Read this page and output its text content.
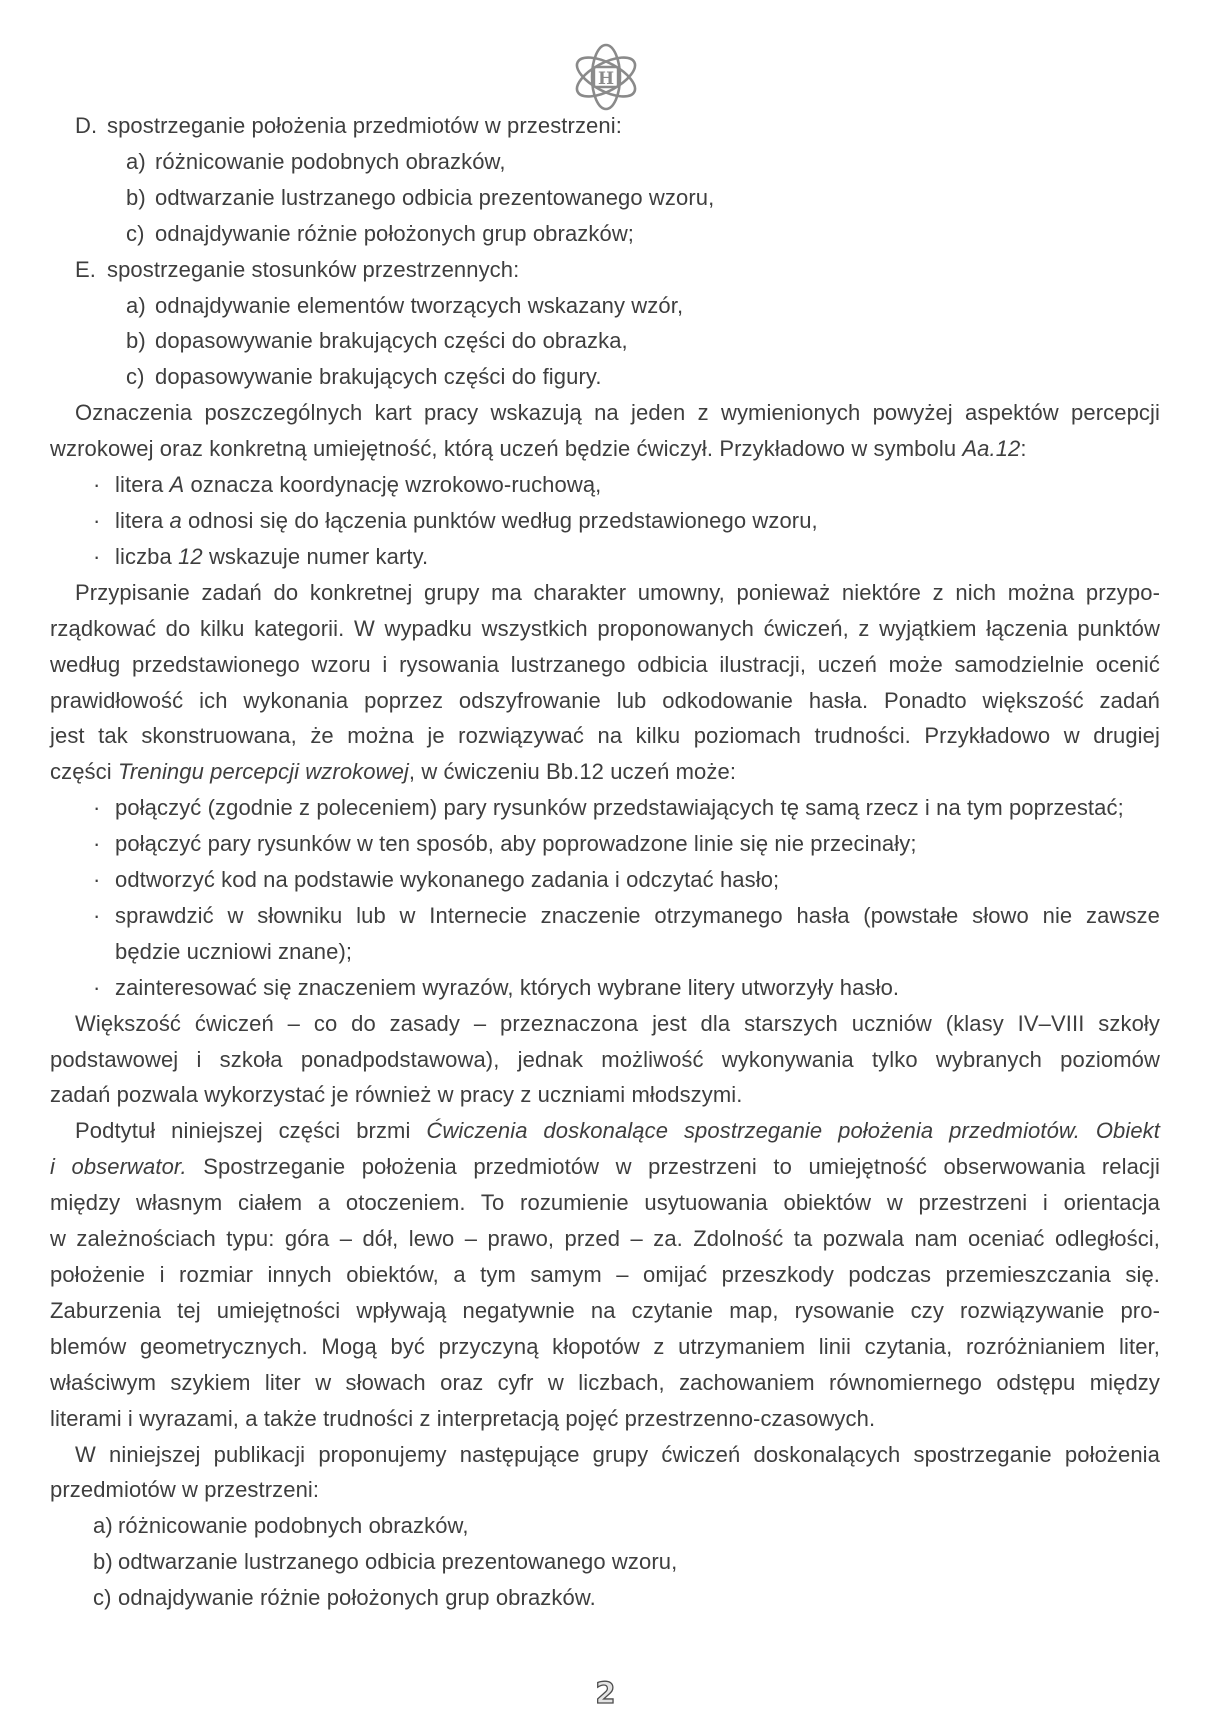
H
D. spostrzeganie położenia przedmiotów w przestrzeni:
a) różnicowanie podobnych obrazków,
b) odtwarzanie lustrzanego odbicia prezentowanego wzoru,
c) odnajdywanie różnie położonych grup obrazków;
E. spostrzeganie stosunków przestrzennych:
a) odnajdywanie elementów tworzących wskazany wzór,
b) dopasowywanie brakujących części do obrazka,
c) dopasowywanie brakujących części do figury.
Oznaczenia poszczególnych kart pracy wskazują na jeden z wymienionych powyżej aspektów percepcji
wzrokowej oraz konkretną umiejętność, którą uczeń będzie ćwiczył. Przykładowo w symbolu Aa.12:
· litera A oznacza koordynację wzrokowo-ruchową,
· litera a odnosi się do łączenia punktów według przedstawionego wzoru,
· liczba 12 wskazuje numer karty.
Przypisanie zadań do konkretnej grupy ma charakter umowny, ponieważ niektóre z nich można przypo-
rządkować do kilku kategorii. W wypadku wszystkich proponowanych ćwiczeń, z wyjątkiem łączenia punktów
według przedstawionego wzoru i rysowania lustrzanego odbicia ilustracji, uczeń może samodzielnie ocenić
prawidłowość ich wykonania poprzez odszyfrowanie lub odkodowanie hasła. Ponadto większość zadań
jest tak skonstruowana, że można je rozwiązywać na kilku poziomach trudności. Przykładowo w drugiej
części Treningu percepcji wzrokowej, w ćwiczeniu Bb.12 uczeń może:
· połączyć (zgodnie z poleceniem) pary rysunków przedstawiających tę samą rzecz i na tym poprzestać;
· połączyć pary rysunków w ten sposób, aby poprowadzone linie się nie przecinały;
· odtworzyć kod na podstawie wykonanego zadania i odczytać hasło;
· sprawdzić w słowniku lub w Internecie znaczenie otrzymanego hasła (powstałe słowo nie zawsze
będzie uczniowi znane);
· zainteresować się znaczeniem wyrazów, których wybrane litery utworzyły hasło.
Większość ćwiczeń – co do zasady – przeznaczona jest dla starszych uczniów (klasy IV–VIII szkoły
podstawowej i szkoła ponadpodstawowa), jednak możliwość wykonywania tylko wybranych poziomów
zadań pozwala wykorzystać je również w pracy z uczniami młodszymi.
Podtytuł niniejszej części brzmi Ćwiczenia doskonalące spostrzeganie położenia przedmiotów. Obiekt
i obserwator. Spostrzeganie położenia przedmiotów w przestrzeni to umiejętność obserwowania relacji
między własnym ciałem a otoczeniem. To rozumienie usytuowania obiektów w przestrzeni i orientacja
w zależnościach typu: góra – dół, lewo – prawo, przed – za. Zdolność ta pozwala nam oceniać odległości,
położenie i rozmiar innych obiektów, a tym samym – omijać przeszkody podczas przemieszczania się.
Zaburzenia tej umiejętności wpływają negatywnie na czytanie map, rysowanie czy rozwiązywanie pro-
blemów geometrycznych. Mogą być przyczyną kłopotów z utrzymaniem linii czytania, rozróżnianiem liter,
właściwym szykiem liter w słowach oraz cyfr w liczbach, zachowaniem równomiernego odstępu między
literami i wyrazami, a także trudności z interpretacją pojęć przestrzenno-czasowych.
W niniejszej publikacji proponujemy następujące grupy ćwiczeń doskonalących spostrzeganie położenia
przedmiotów w przestrzeni:
a) różnicowanie podobnych obrazków,
b) odtwarzanie lustrzanego odbicia prezentowanego wzoru,
c) odnajdywanie różnie położonych grup obrazków.
2
